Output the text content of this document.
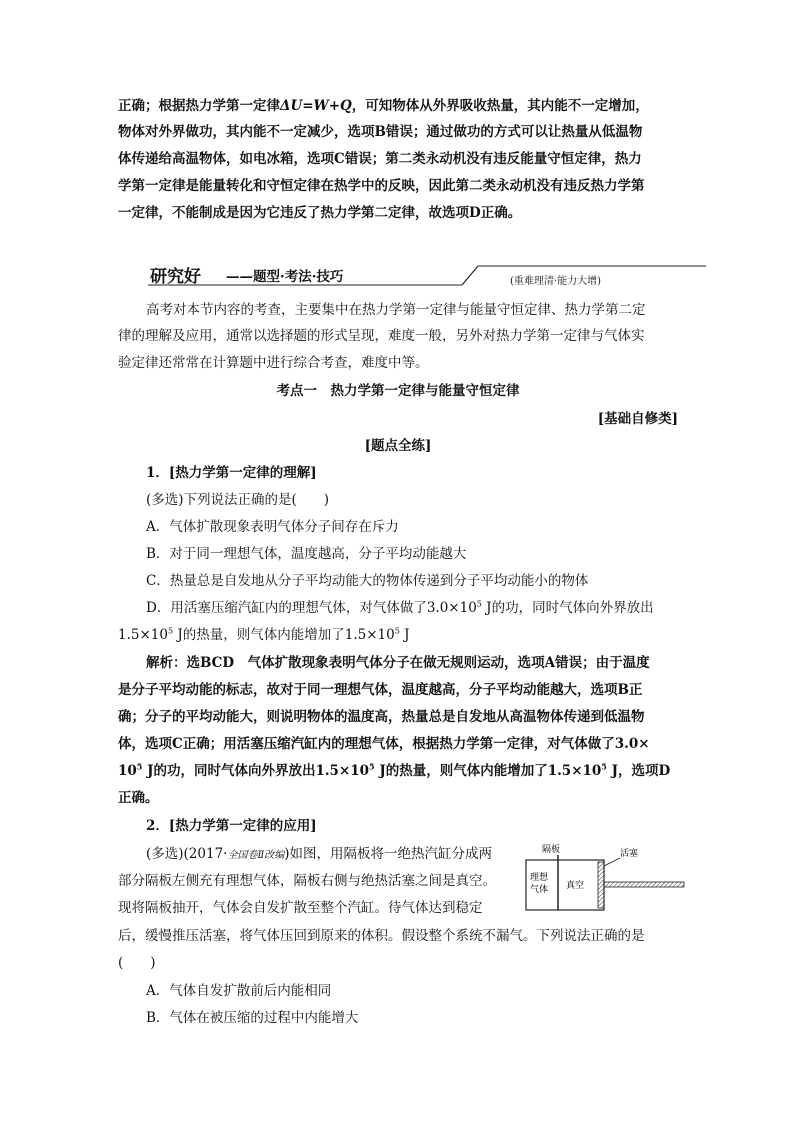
正确；根据热力学第一定律ΔU=W+Q，可知物体从外界吸收热量，其内能不一定增加，
物体对外界做功，其内能不一定减少，选项B错误；通过做功的方式可以让热量从低温物
体传递给高温物体，如电冰箱，选项C错误；第二类永动机没有违反能量守恒定律，热力
学第一定律是能量转化和守恒定律在热学中的反映，因此第二类永动机没有违反热力学第
一定律，不能制成是因为它违反了热力学第二定律，故选项D正确。
研究好 ——题型·考法·技巧	(重难理清·能力大增)
高考对本节内容的考查，主要集中在热力学第一定律与能量守恒定律、热力学第二定
律的理解及应用，通常以选择题的形式呈现，难度一般，另外对热力学第一定律与气体实
验定律还常常在计算题中进行综合考查，难度中等。
考点一　热力学第一定律与能量守恒定律
[基础自修类]
[题点全练]
1．[热力学第一定律的理解]
(多选)下列说法正确的是(　　)
A．气体扩散现象表明气体分子间存在斥力
B．对于同一理想气体，温度越高，分子平均动能越大
C．热量总是自发地从分子平均动能大的物体传递到分子平均动能小的物体
D．用活塞压缩汽缸内的理想气体，对气体做了$3.0\times 10^5$ J的功，同时气体向外界放出
$1.5\times 10^5$ J的热量，则气体内能增加了$1.5\times 10^5$ J
解析：选BCD　气体扩散现象表明气体分子在做无规则运动，选项A错误；由于温度
是分子平均动能的标志，故对于同一理想气体，温度越高，分子平均动能越大，选项B正
确；分子的平均动能大，则说明物体的温度高，热量总是自发地从高温物体传递到低温物
体，选项C正确；用活塞压缩汽缸内的理想气体，根据热力学第一定律，对气体做了3.0×
$10^5$ J的功，同时气体向外界放出$1.5\times 10^5$ J的热量，则气体内能增加了$1.5\times 10^5$ J，选项D
正确。
2．[热力学第一定律的应用]
(多选)(2017·全国卷Ⅱ改编)如图，用隔板将一绝热汽缸分成两
部分隔板左侧充有理想气体，隔板右侧与绝热活塞之间是真空。
现将隔板抽开，气体会自发扩散至整个汽缸。待气体达到稳定
后，缓慢推压活塞，将气体压回到原来的体积。假设整个系统不漏气。下列说法正确的是
(　　)
A．气体自发扩散前后内能相同
B．气体在被压缩的过程中内能增大
隔板	活塞
理想
气体 真空
